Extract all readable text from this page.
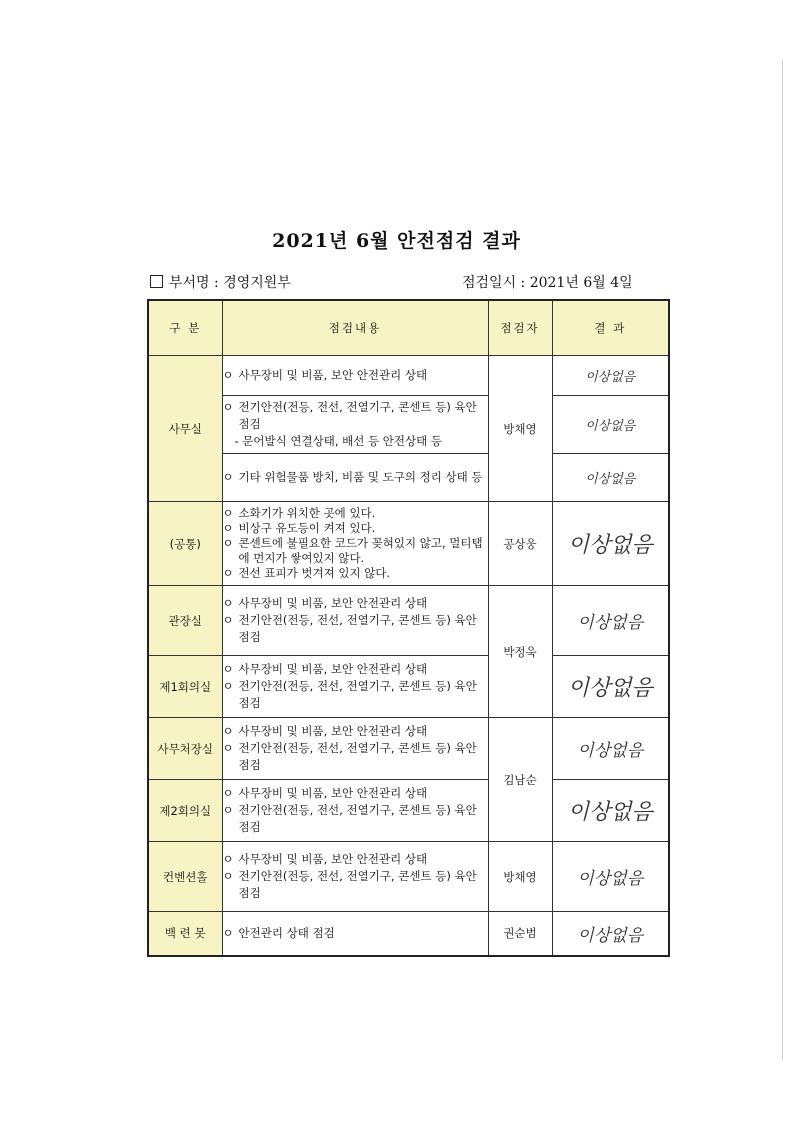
2021년 6월 안전점검 결과
부서명 : 경영지원부	점검일시 : 2021년 6월 4일
구 분	점검내용	점검자	결 과
사무실	ㅇ 사무장비 및 비품, 보안 안전관리 상태	방채영	이상없음

	ㅇ 전기안전(전등, 전선, 전열기구, 콘센트 등) 육안점검
- 문어발식 연결상태, 배선 등 안전상태 등		이상없음

	ㅇ 기타 위험물품 방치, 비품 및 도구의 정리 상태 등		이상없음
(공통)	ㅇ 소화기가 위치한 곳에 있다.
ㅇ 비상구 유도등이 켜져 있다.
ㅇ 콘센트에 불필요한 코드가 꽂혀있지 않고, 멀티탭에 먼지가 쌓여있지 않다.
ㅇ 전선 표피가 벗겨져 있지 않다.	공상웅	이상없음
관장실	ㅇ 사무장비 및 비품, 보안 안전관리 상태
ㅇ 전기안전(전등, 전선, 전열기구, 콘센트 등) 육안점검	박정욱	이상없음
제1회의실	ㅇ 사무장비 및 비품, 보안 안전관리 상태
ㅇ 전기안전(전등, 전선, 전열기구, 콘센트 등) 육안점검		이상없음
사무처장실	ㅇ 사무장비 및 비품, 보안 안전관리 상태
ㅇ 전기안전(전등, 전선, 전열기구, 콘센트 등) 육안점검	김남순	이상없음
제2회의실	ㅇ 사무장비 및 비품, 보안 안전관리 상태
ㅇ 전기안전(전등, 전선, 전열기구, 콘센트 등) 육안점검		이상없음
컨벤션홀	ㅇ 사무장비 및 비품, 보안 안전관리 상태
ㅇ 전기안전(전등, 전선, 전열기구, 콘센트 등) 육안점검	방채영	이상없음
백 련 못	ㅇ 안전관리 상태 점검	권순범	이상없음
